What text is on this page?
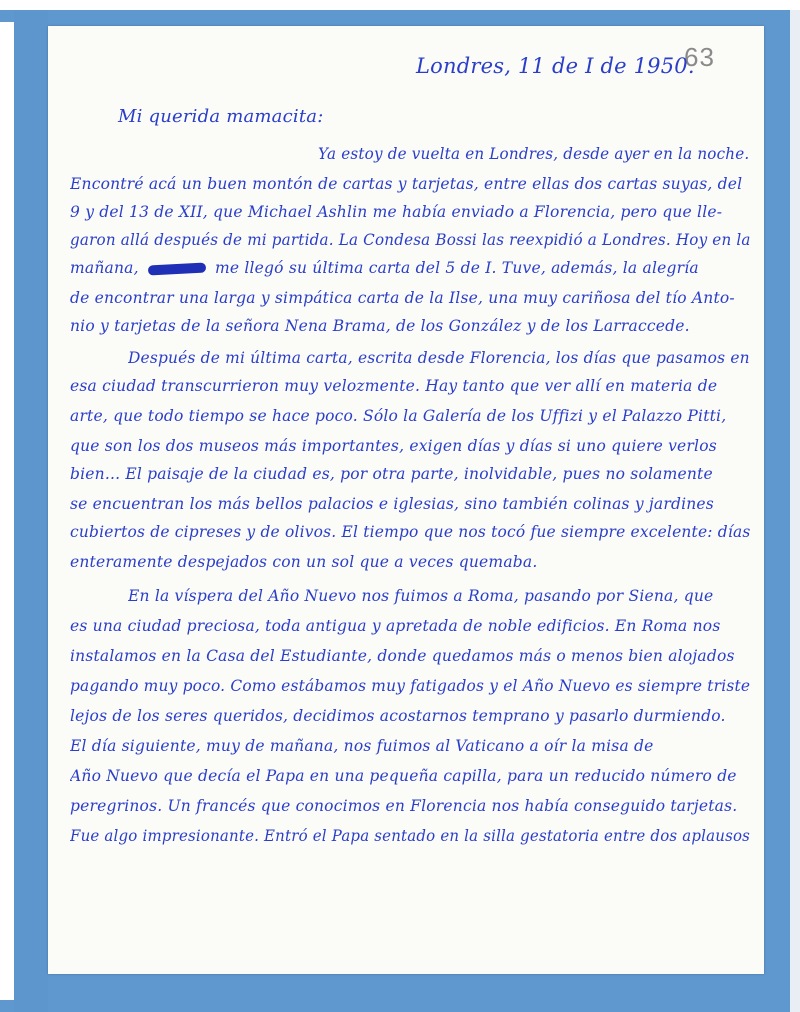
63
Londres, 11 de I de 1950.
Mi querida mamacita:
Ya estoy de vuelta en Londres, desde ayer en la noche.
Encontré acá un buen montón de cartas y tarjetas, entre ellas dos cartas suyas, del
9 y del 13 de XII, que Michael Ashlin me había enviado a Florencia, pero que lle-
garon allá después de mi partida. La Condesa Bossi las reexpidió a Londres. Hoy en la
mañana,	me llegó su última carta del 5 de I. Tuve, además, la alegría
de encontrar una larga y simpática carta de la Ilse, una muy cariñosa del tío Anto-
nio y tarjetas de la señora Nena Brama, de los González y de los Larraccede.
Después de mi última carta, escrita desde Florencia, los días que pasamos en
esa ciudad transcurrieron muy velozmente. Hay tanto que ver allí en materia de
arte, que todo tiempo se hace poco. Sólo la Galería de los Uffizi y el Palazzo Pitti,
que son los dos museos más importantes, exigen días y días si uno quiere verlos
bien... El paisaje de la ciudad es, por otra parte, inolvidable, pues no solamente
se encuentran los más bellos palacios e iglesias, sino también colinas y jardines
cubiertos de cipreses y de olivos. El tiempo que nos tocó fue siempre excelente: días
enteramente despejados con un sol que a veces quemaba.
En la víspera del Año Nuevo nos fuimos a Roma, pasando por Siena, que
es una ciudad preciosa, toda antigua y apretada de noble edificios. En Roma nos
instalamos en la Casa del Estudiante, donde quedamos más o menos bien alojados
pagando muy poco. Como estábamos muy fatigados y el Año Nuevo es siempre triste
lejos de los seres queridos, decidimos acostarnos temprano y pasarlo durmiendo.
El día siguiente, muy de mañana, nos fuimos al Vaticano a oír la misa de
Año Nuevo que decía el Papa en una pequeña capilla, para un reducido número de
peregrinos. Un francés que conocimos en Florencia nos había conseguido tarjetas.
Fue algo impresionante. Entró el Papa sentado en la silla gestatoria entre dos aplausos
